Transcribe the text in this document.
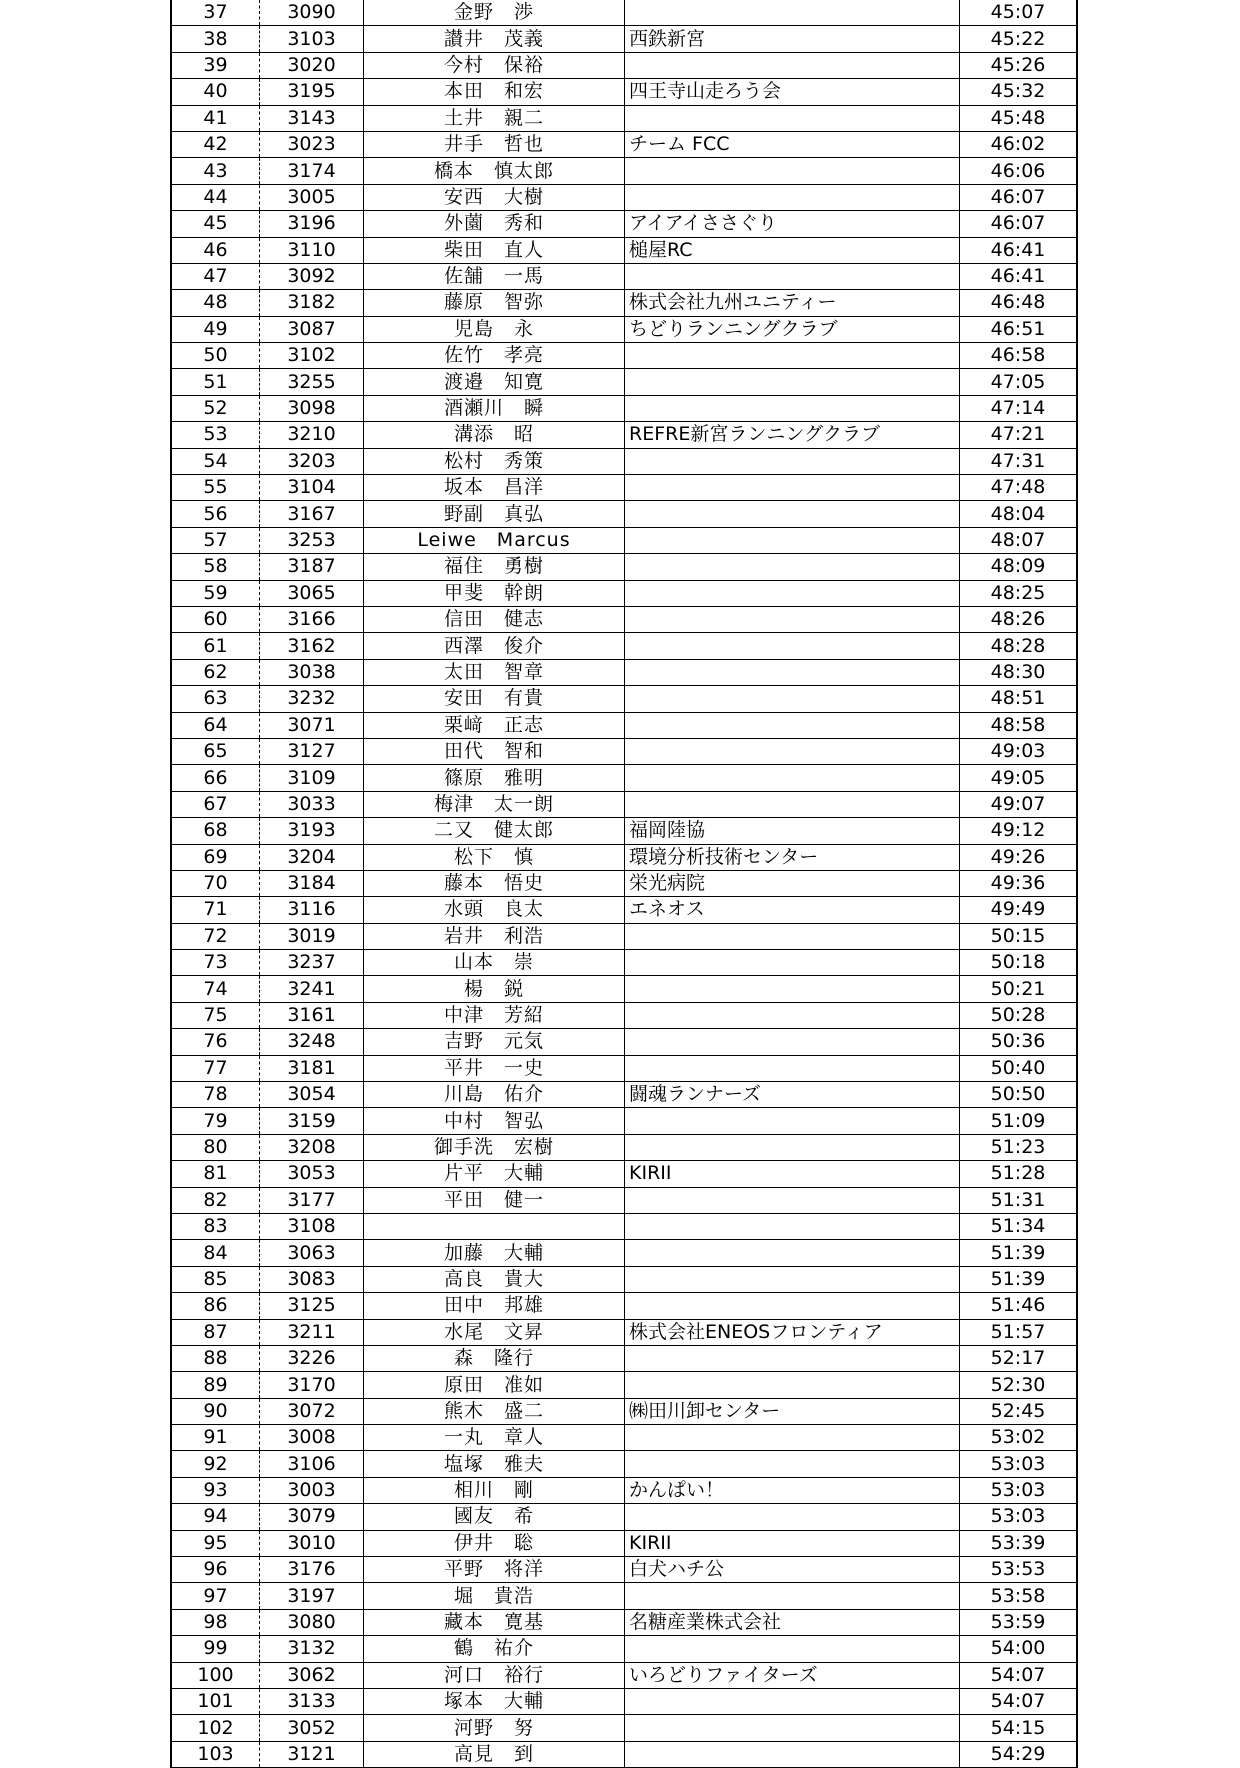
37	3090	金野　渉		45:07
38	3103	讃井　茂義	西鉄新宮	45:22
39	3020	今村　保裕		45:26
40	3195	本田　和宏	四王寺山走ろう会	45:32
41	3143	土井　親二		45:48
42	3023	井手　哲也	チーム FCC	46:02
43	3174	橋本　慎太郎		46:06
44	3005	安西　大樹		46:07
45	3196	外薗　秀和	アイアイささぐり	46:07
46	3110	柴田　直人	槌屋RC	46:41
47	3092	佐舗　一馬		46:41
48	3182	藤原　智弥	株式会社九州ユニティー	46:48
49	3087	児島　永	ちどりランニングクラブ	46:51
50	3102	佐竹　孝亮		46:58
51	3255	渡邉　知寛		47:05
52	3098	酒瀬川　瞬		47:14
53	3210	溝添　昭	REFRE新宮ランニングクラブ	47:21
54	3203	松村　秀策		47:31
55	3104	坂本　昌洋		47:48
56	3167	野副　真弘		48:04
57	3253	Leiwe　Marcus		48:07
58	3187	福住　勇樹		48:09
59	3065	甲斐　幹朗		48:25
60	3166	信田　健志		48:26
61	3162	西澤　俊介		48:28
62	3038	太田　智章		48:30
63	3232	安田　有貴		48:51
64	3071	栗﨑　正志		48:58
65	3127	田代　智和		49:03
66	3109	篠原　雅明		49:05
67	3033	梅津　太一朗		49:07
68	3193	二又　健太郎	福岡陸協	49:12
69	3204	松下　慎	環境分析技術センター	49:26
70	3184	藤本　悟史	栄光病院	49:36
71	3116	水頭　良太	エネオス	49:49
72	3019	岩井　利浩		50:15
73	3237	山本　崇		50:18
74	3241	楊　鋭		50:21
75	3161	中津　芳紹		50:28
76	3248	吉野　元気		50:36
77	3181	平井　一史		50:40
78	3054	川島　佑介	闘魂ランナーズ	50:50
79	3159	中村　智弘		51:09
80	3208	御手洗　宏樹		51:23
81	3053	片平　大輔	KIRII	51:28
82	3177	平田　健一		51:31
83	3108			51:34
84	3063	加藤　大輔		51:39
85	3083	高良　貴大		51:39
86	3125	田中　邦雄		51:46
87	3211	水尾　文昇	株式会社ENEOSフロンティア	51:57
88	3226	森　隆行		52:17
89	3170	原田　准如		52:30
90	3072	熊木　盛二	㈱田川卸センター	52:45
91	3008	一丸　章人		53:02
92	3106	塩塚　雅夫		53:03
93	3003	相川　剛	かんぱい！	53:03
94	3079	國友　希		53:03
95	3010	伊井　聡	KIRII	53:39
96	3176	平野　将洋	白犬ハチ公	53:53
97	3197	堀　貴浩		53:58
98	3080	藏本　寛基	名糖産業株式会社	53:59
99	3132	鶴　祐介		54:00
100	3062	河口　裕行	いろどりファイターズ	54:07
101	3133	塚本　大輔		54:07
102	3052	河野　努		54:15
103	3121	高見　到		54:29
